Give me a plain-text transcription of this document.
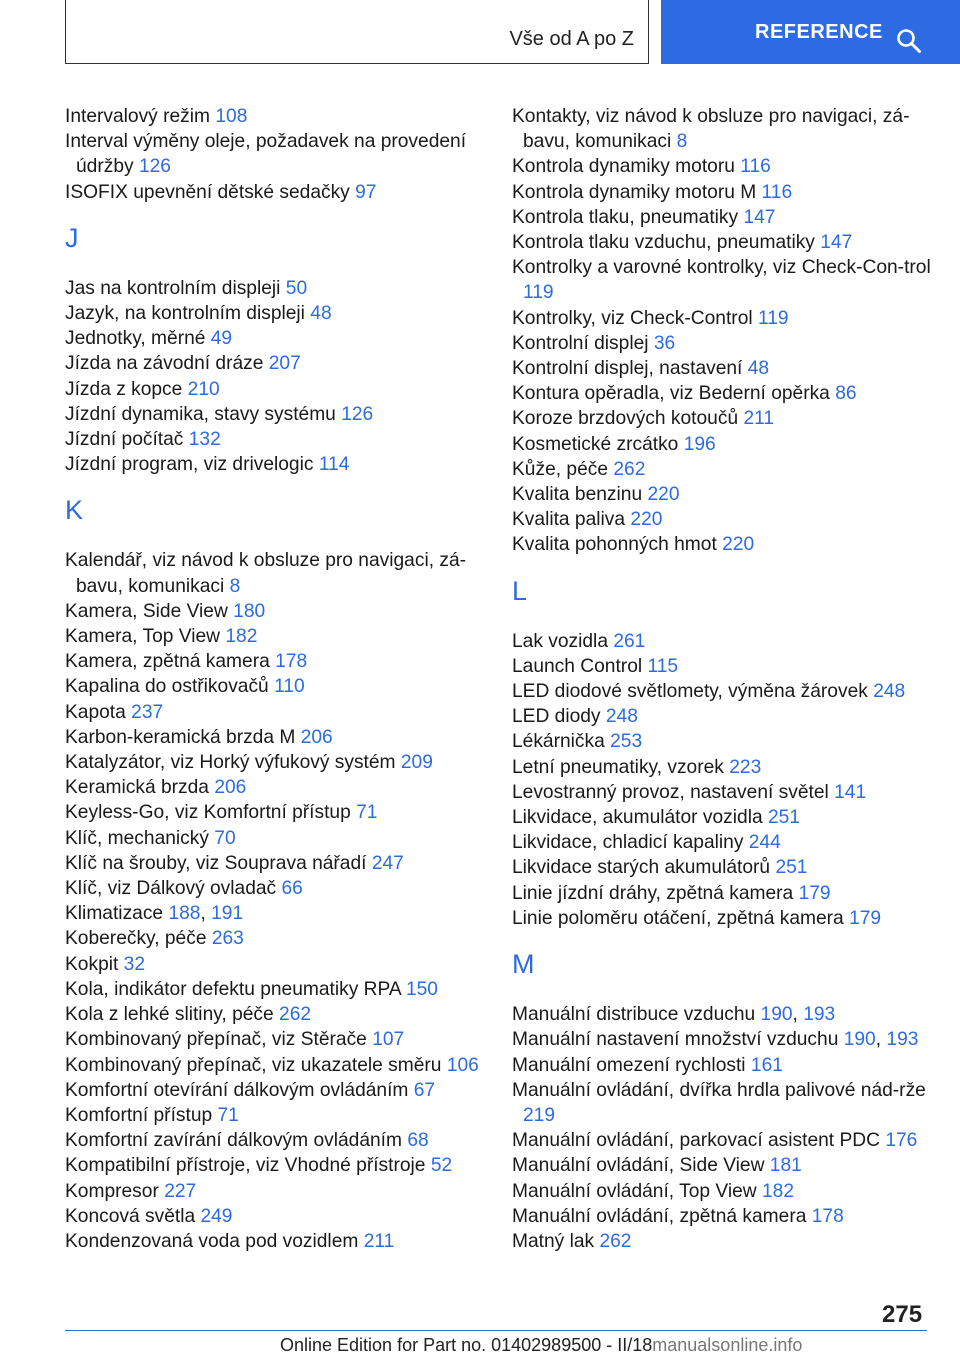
Vše od A po Z	REFERENCE
Intervalový režim 108
Interval výměny oleje, požadavek na provedení údržby 126
ISOFIX upevnění dětské sedačky 97
J
Jas na kontrolním displeji 50
Jazyk, na kontrolním displeji 48
Jednotky, měrné 49
Jízda na závodní dráze 207
Jízda z kopce 210
Jízdní dynamika, stavy systému 126
Jízdní počítač 132
Jízdní program, viz drivelogic 114
K
Kalendář, viz návod k obsluze pro navigaci, zá-bavu, komunikaci 8
Kamera, Side View 180
Kamera, Top View 182
Kamera, zpětná kamera 178
Kapalina do ostřikovačů 110
Kapota 237
Karbon-keramická brzda M 206
Katalyzátor, viz Horký výfukový systém 209
Keramická brzda 206
Keyless-Go, viz Komfortní přístup 71
Klíč, mechanický 70
Klíč na šrouby, viz Souprava nářadí 247
Klíč, viz Dálkový ovladač 66
Klimatizace 188, 191
Koberečky, péče 263
Kokpit 32
Kola, indikátor defektu pneumatiky RPA 150
Kola z lehké slitiny, péče 262
Kombinovaný přepínač, viz Stěrače 107
Kombinovaný přepínač, viz ukazatele směru 106
Komfortní otevírání dálkovým ovládáním 67
Komfortní přístup 71
Komfortní zavírání dálkovým ovládáním 68
Kompatibilní přístroje, viz Vhodné přístroje 52
Kompresor 227
Koncová světla 249
Kondenzovaná voda pod vozidlem 211
Kontakty, viz návod k obsluze pro navigaci, zá-bavu, komunikaci 8
Kontrola dynamiky motoru 116
Kontrola dynamiky motoru M 116
Kontrola tlaku, pneumatiky 147
Kontrola tlaku vzduchu, pneumatiky 147
Kontrolky a varovné kontrolky, viz Check-Con-trol 119
Kontrolky, viz Check-Control 119
Kontrolní displej 36
Kontrolní displej, nastavení 48
Kontura opěradla, viz Bederní opěrka 86
Koroze brzdových kotoučů 211
Kosmetické zrcátko 196
Kůže, péče 262
Kvalita benzinu 220
Kvalita paliva 220
Kvalita pohonných hmot 220
L
Lak vozidla 261
Launch Control 115
LED diodové světlomety, výměna žárovek 248
LED diody 248
Lékárnička 253
Letní pneumatiky, vzorek 223
Levostranný provoz, nastavení světel 141
Likvidace, akumulátor vozidla 251
Likvidace, chladicí kapaliny 244
Likvidace starých akumulátorů 251
Linie jízdní dráhy, zpětná kamera 179
Linie poloměru otáčení, zpětná kamera 179
M
Manuální distribuce vzduchu 190, 193
Manuální nastavení množství vzduchu 190, 193
Manuální omezení rychlosti 161
Manuální ovládání, dvířka hrdla palivové nád-rže 219
Manuální ovládání, parkovací asistent PDC 176
Manuální ovládání, Side View 181
Manuální ovládání, Top View 182
Manuální ovládání, zpětná kamera 178
Matný lak 262
275
Online Edition for Part no. 01402989500 - II/18manualsonline.info
